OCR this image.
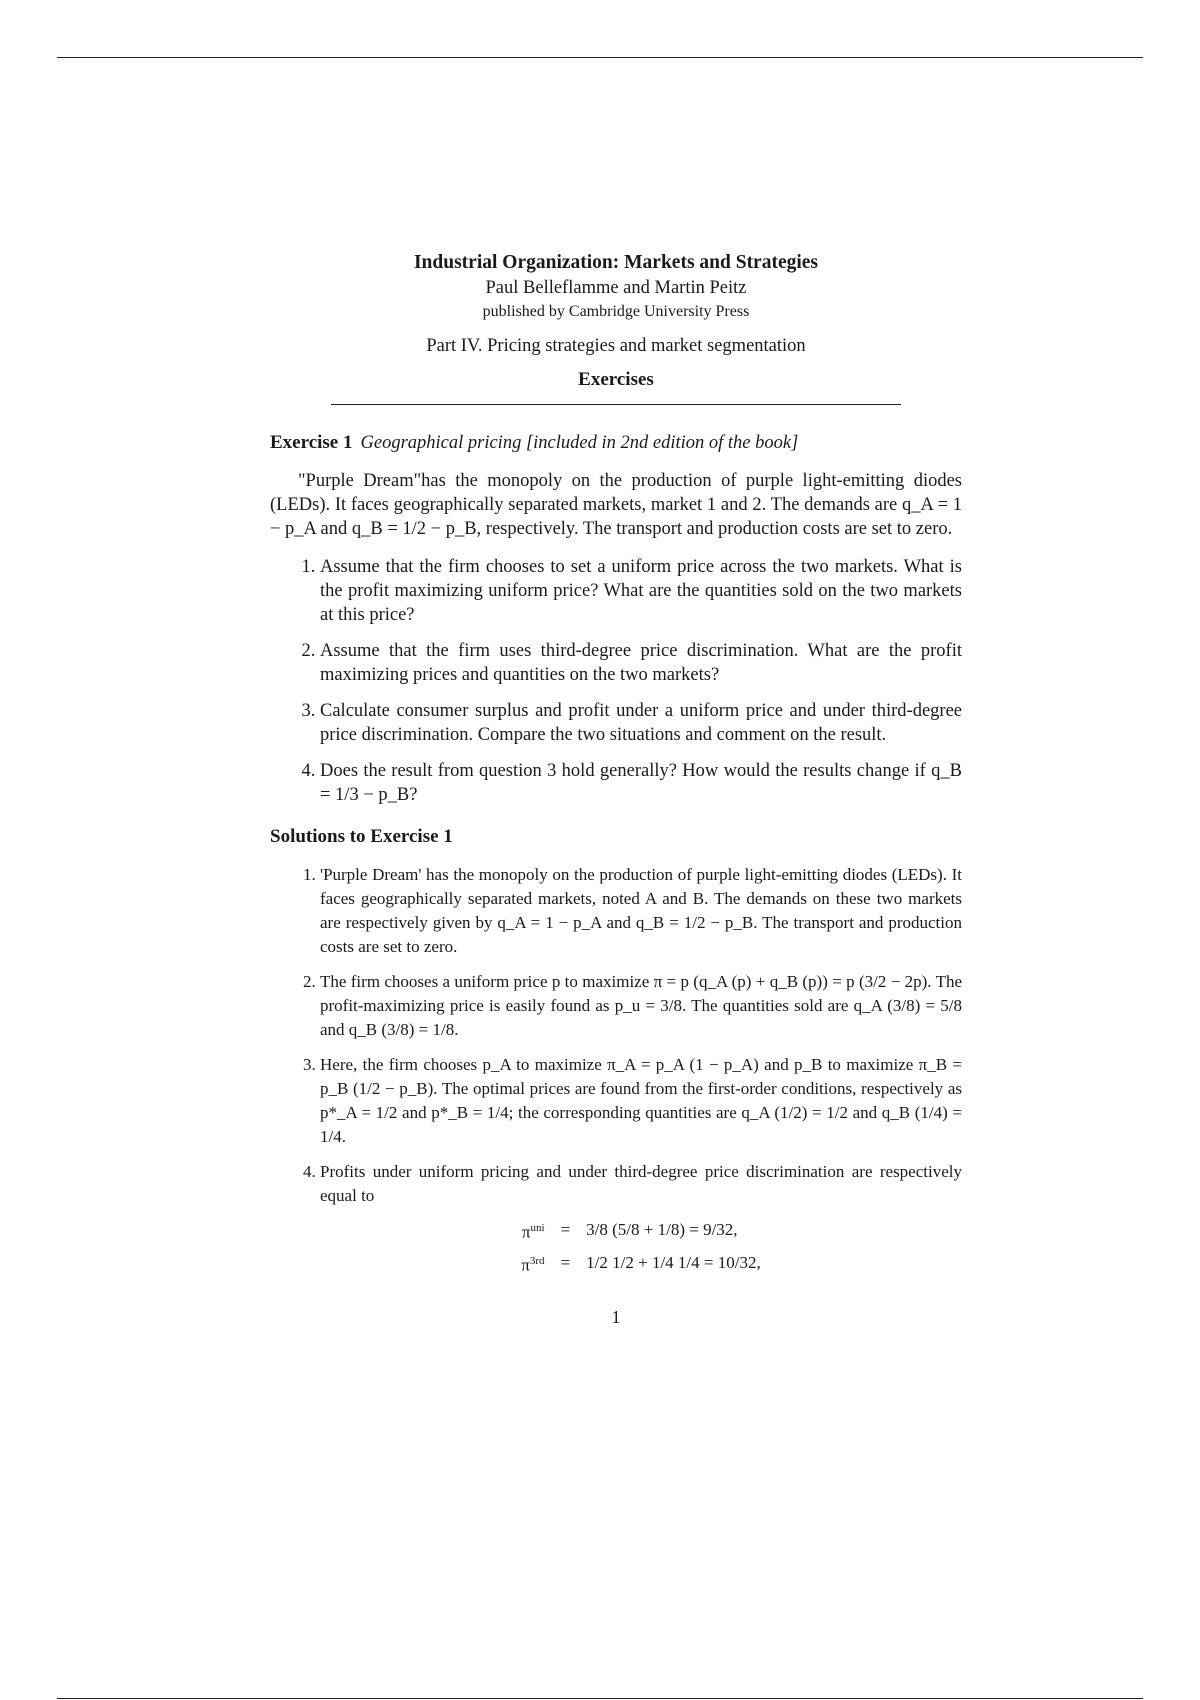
Industrial Organization: Markets and Strategies
Paul Belleflamme and Martin Peitz
published by Cambridge University Press
Part IV. Pricing strategies and market segmentation
Exercises
Exercise 1 Geographical pricing [included in 2nd edition of the book]
"Purple Dream"has the monopoly on the production of purple light-emitting diodes (LEDs). It faces geographically separated markets, market 1 and 2. The demands are q_A = 1 − p_A and q_B = 1/2 − p_B, respectively. The transport and production costs are set to zero.
1. Assume that the firm chooses to set a uniform price across the two markets. What is the profit maximizing uniform price? What are the quantities sold on the two markets at this price?
2. Assume that the firm uses third-degree price discrimination. What are the profit maximizing prices and quantities on the two markets?
3. Calculate consumer surplus and profit under a uniform price and under third-degree price discrimination. Compare the two situations and comment on the result.
4. Does the result from question 3 hold generally? How would the results change if q_B = 1/3 − p_B?
Solutions to Exercise 1
1. 'Purple Dream' has the monopoly on the production of purple light-emitting diodes (LEDs). It faces geographically separated markets, noted A and B. The demands on these two markets are respectively given by q_A = 1 − p_A and q_B = 1/2 − p_B. The transport and production costs are set to zero.
2. The firm chooses a uniform price p to maximize π = p (q_A (p) + q_B (p)) = p (3/2 − 2p). The profit-maximizing price is easily found as p_u = 3/8. The quantities sold are q_A (3/8) = 5/8 and q_B (3/8) = 1/8.
3. Here, the firm chooses p_A to maximize π_A = p_A (1 − p_A) and p_B to maximize π_B = p_B (1/2 − p_B). The optimal prices are found from the first-order conditions, respectively as p*_A = 1/2 and p*_B = 1/4; the corresponding quantities are q_A (1/2) = 1/2 and q_B (1/4) = 1/4.
4. Profits under uniform pricing and under third-degree price discrimination are respectively equal to
$\pi^{uni}$	=	3/8 (5/8 + 1/8) = 9/32,
$\pi^{3rd}$	=	1/2 1/2 + 1/4 1/4 = 10/32,
1
